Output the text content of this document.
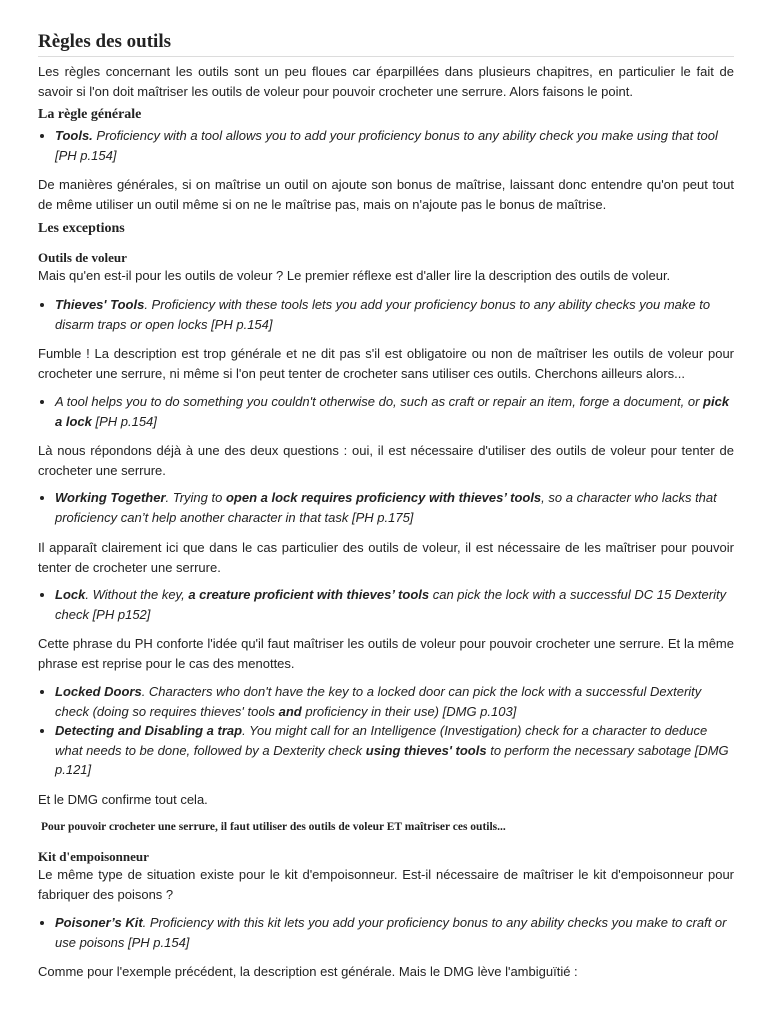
Règles des outils

Les règles concernant les outils sont un peu floues car éparpillées dans plusieurs chapitres, en particulier le fait de savoir si l'on doit maîtriser les outils de voleur pour pouvoir crocheter une serrure. Alors faisons le point.

La règle générale
• Tools. Proficiency with a tool allows you to add your proficiency bonus to any ability check you make using that tool [PH p.154]

De manières générales, si on maîtrise un outil on ajoute son bonus de maîtrise, laissant donc entendre qu'on peut tout de même utiliser un outil même si on ne le maîtrise pas, mais on n'ajoute pas le bonus de maîtrise.

Les exceptions
Outils de voleur

Mais qu'en est-il pour les outils de voleur ? Le premier réflexe est d'aller lire la description des outils de voleur.

• Thieves' Tools. Proficiency with these tools lets you add your proficiency bonus to any ability checks you make to disarm traps or open locks [PH p.154]

Fumble ! La description est trop générale et ne dit pas s'il est obligatoire ou non de maîtriser les outils de voleur pour crocheter une serrure, ni même si l'on peut tenter de crocheter sans utiliser ces outils. Cherchons ailleurs alors...

• A tool helps you to do something you couldn't otherwise do, such as craft or repair an item, forge a document, or pick a lock [PH p.154]

Là nous répondons déjà à une des deux questions : oui, il est nécessaire d'utiliser des outils de voleur pour tenter de crocheter une serrure.

• Working Together. Trying to open a lock requires proficiency with thieves’ tools, so a character who lacks that proficiency can’t help another character in that task [PH p.175]

Il apparaît clairement ici que dans le cas particulier des outils de voleur, il est nécessaire de les maîtriser pour pouvoir tenter de crocheter une serrure.

• Lock. Without the key, a creature proficient with thieves’ tools can pick the lock with a successful DC 15 Dexterity check [PH p152]

Cette phrase du PH conforte l'idée qu'il faut maîtriser les outils de voleur pour pouvoir crocheter une serrure. Et la même phrase est reprise pour le cas des menottes.

• Locked Doors. Characters who don't have the key to a locked door can pick the lock with a successful Dexterity check (doing so requires thieves' tools and proficiency in their use) [DMG p.103]
• Detecting and Disabling a trap. You might call for an Intelligence (Investigation) check for a character to deduce what needs to be done, followed by a Dexterity check using thieves' tools to perform the necessary sabotage [DMG p.121]

Et le DMG confirme tout cela.

Pour pouvoir crocheter une serrure, il faut utiliser des outils de voleur ET maîtriser ces outils...

Kit d'empoisonneur

Le même type de situation existe pour le kit d'empoisonneur. Est-il nécessaire de maîtriser le kit d'empoisonneur pour fabriquer des poisons ?

• Poisoner’s Kit. Proficiency with this kit lets you add your proficiency bonus to any ability checks you make to craft or use poisons [PH p.154]

Comme pour l'exemple précédent, la description est générale. Mais le DMG lève l'ambiguïtié :
